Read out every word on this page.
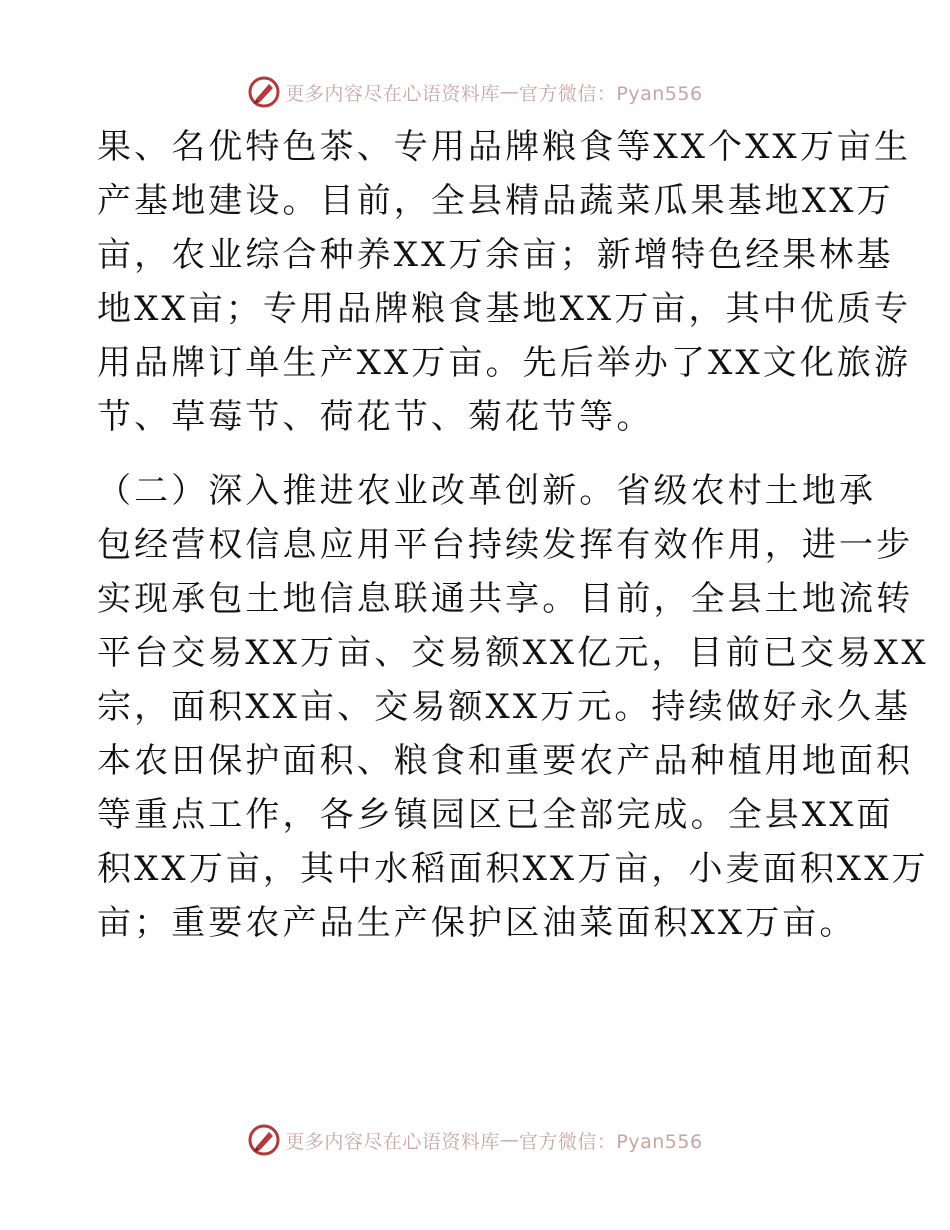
更多内容尽在心语资料库 — 官方微信：Pyan556
果、名优特色茶、专用品牌粮食等XX个XX万亩生
产基地建设。目前，全县精品蔬菜瓜果基地XX万
亩，农业综合种养XX万余亩；新增特色经果林基
地XX亩；专用品牌粮食基地XX万亩，其中优质专
用品牌订单生产XX万亩。先后举办了XX文化旅游
节、草莓节、荷花节、菊花节等。
（二）深入推进农业改革创新。省级农村土地承
包经营权信息应用平台持续发挥有效作用，进一步
实现承包土地信息联通共享。目前，全县土地流转
平台交易XX万亩、交易额XX亿元，目前已交易XX
宗，面积XX亩、交易额XX万元。持续做好永久基
本农田保护面积、粮食和重要农产品种植用地面积
等重点工作，各乡镇园区已全部完成。全县XX面
积XX万亩，其中水稻面积XX万亩，小麦面积XX万
亩；重要农产品生产保护区油菜面积XX万亩。
更多内容尽在心语资料库 — 官方微信：Pyan556
